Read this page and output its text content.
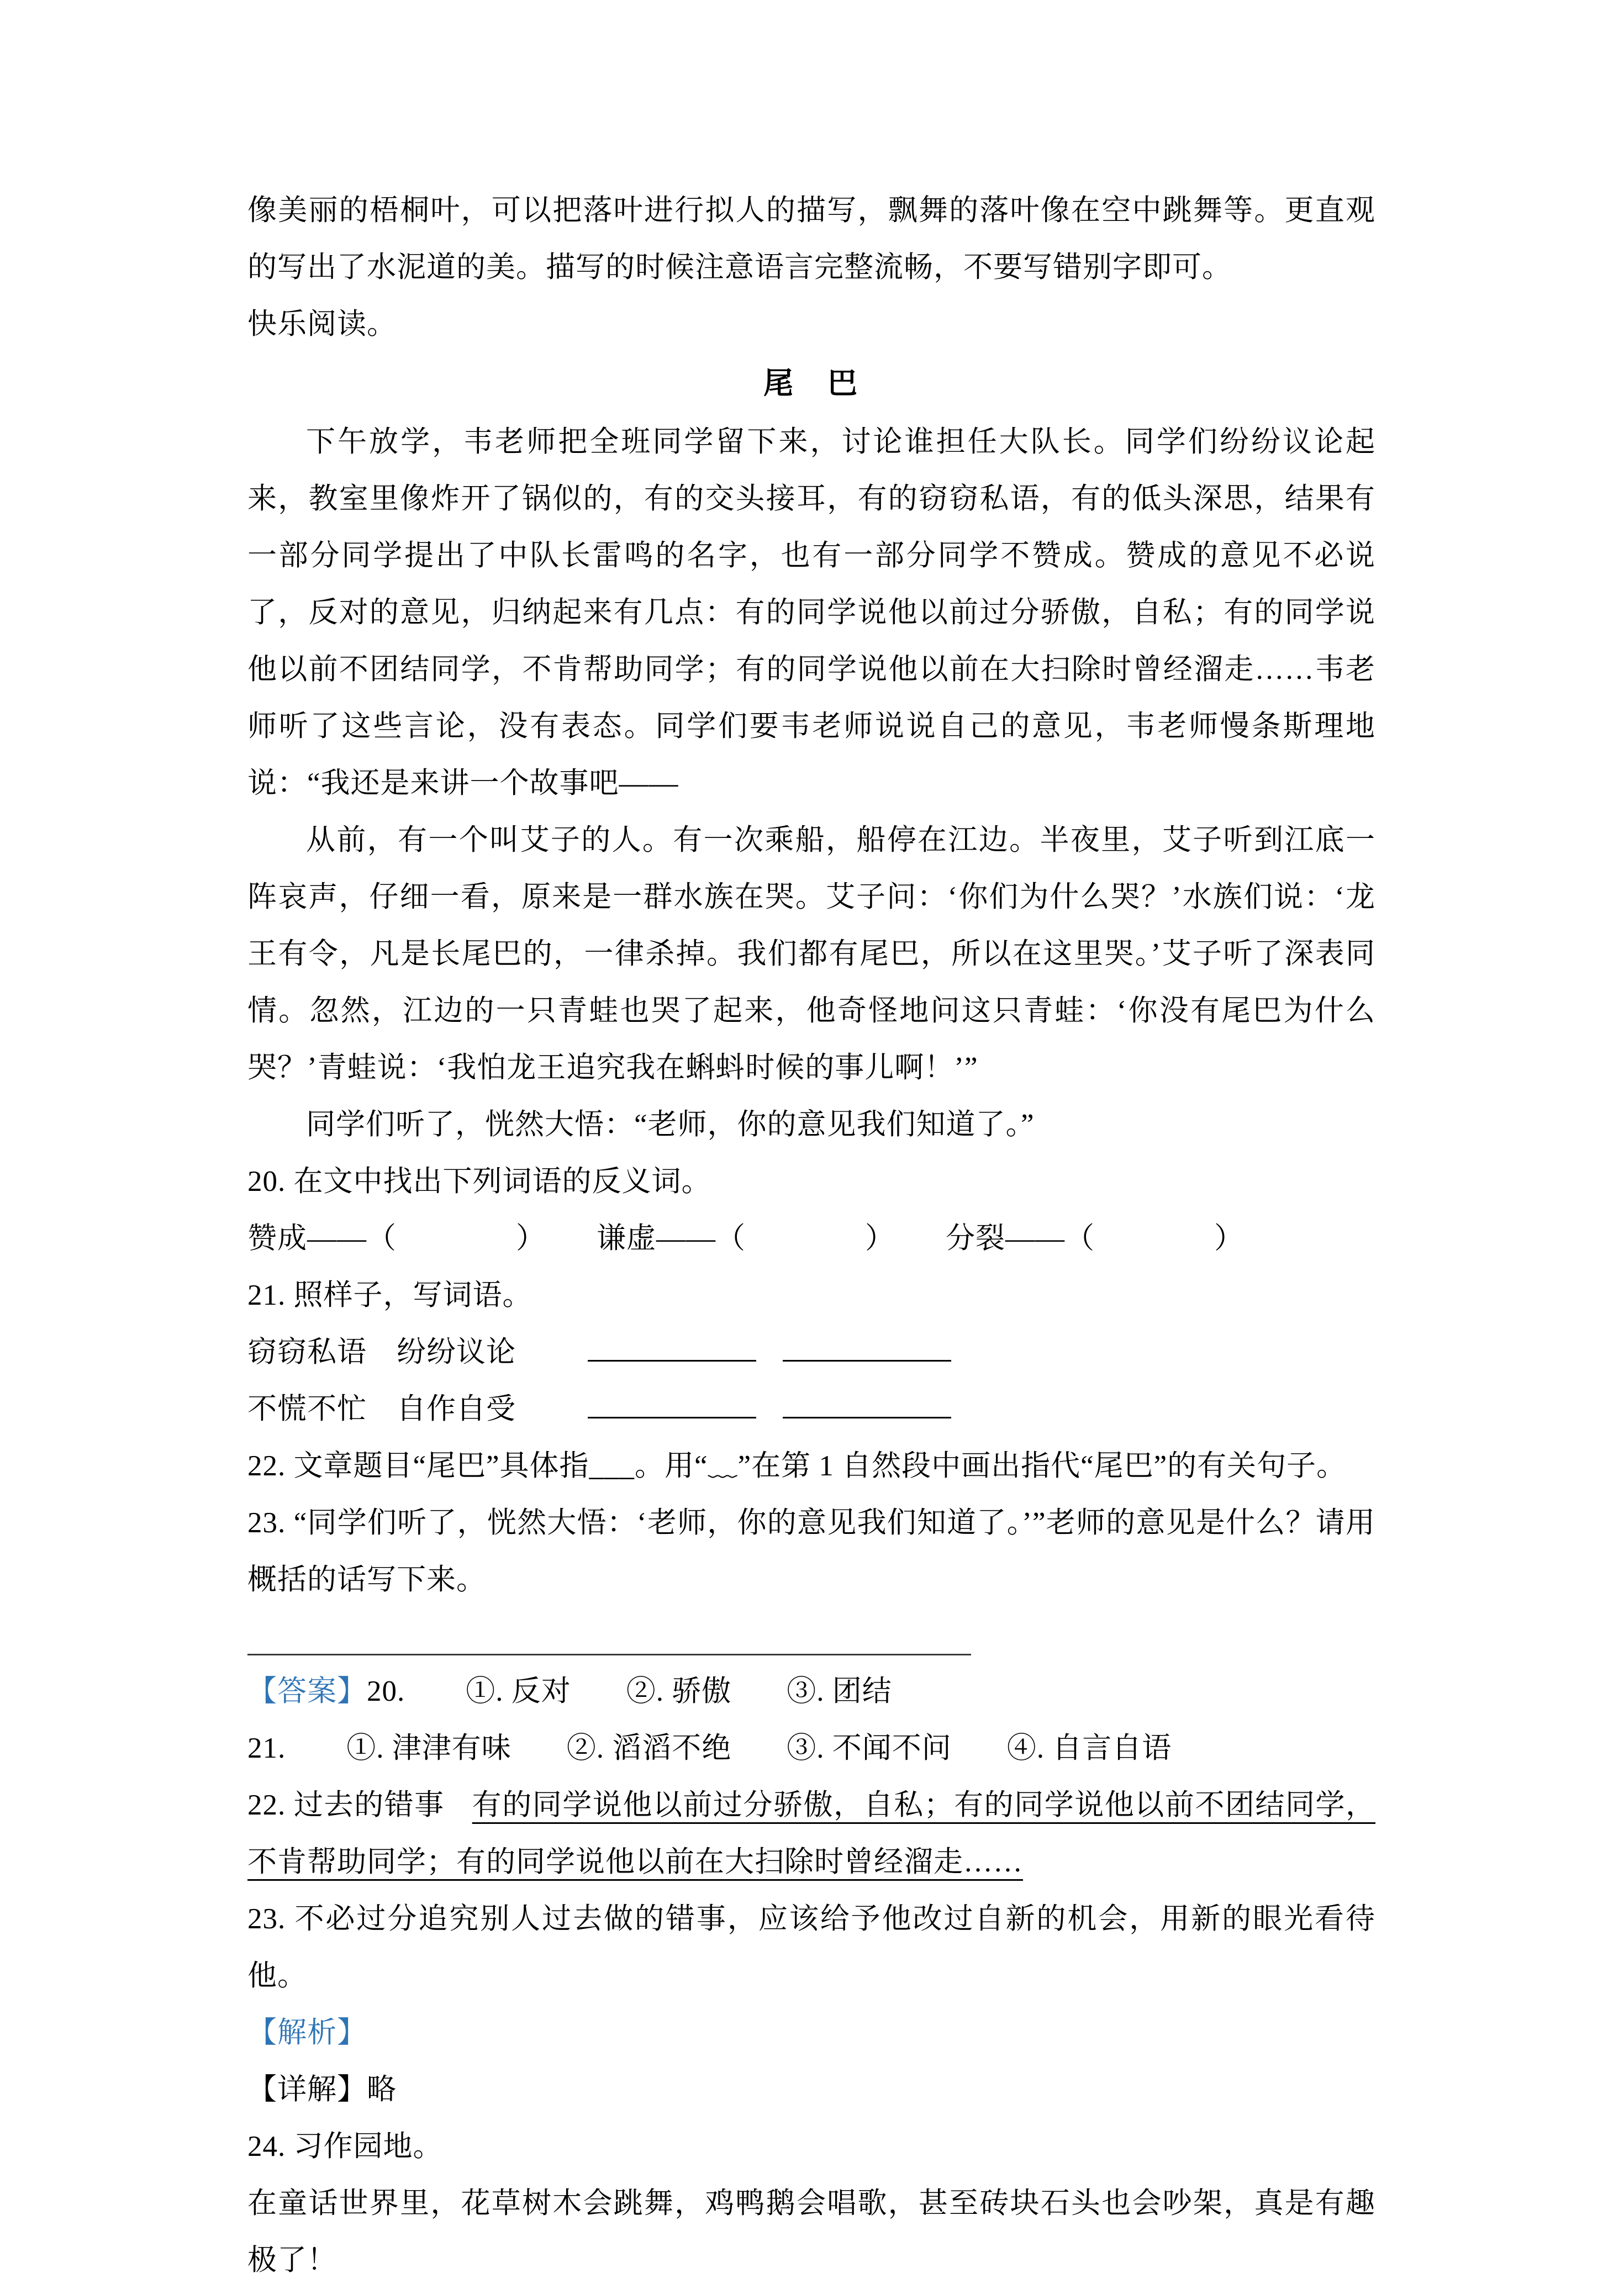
像美丽的梧桐叶，可以把落叶进行拟人的描写，飘舞的落叶像在空中跳舞等。更直观的写出了水泥道的美。描写的时候注意语言完整流畅，不要写错别字即可。

快乐阅读。

尾　巴

下午放学，韦老师把全班同学留下来，讨论谁担任大队长。同学们纷纷议论起来，教室里像炸开了锅似的，有的交头接耳，有的窃窃私语，有的低头深思，结果有一部分同学提出了中队长雷鸣的名字，也有一部分同学不赞成。赞成的意见不必说了，反对的意见，归纳起来有几点：有的同学说他以前过分骄傲，自私；有的同学说他以前不团结同学，不肯帮助同学；有的同学说他以前在大扫除时曾经溜走……韦老师听了这些言论，没有表态。同学们要韦老师说说自己的意见，韦老师慢条斯理地说：“我还是来讲一个故事吧——

从前，有一个叫艾子的人。有一次乘船，船停在江边。半夜里，艾子听到江底一阵哀声，仔细一看，原来是一群水族在哭。艾子问：‘你们为什么哭？’水族们说：‘龙王有令，凡是长尾巴的，一律杀掉。我们都有尾巴，所以在这里哭。’艾子听了深表同情。忽然，江边的一只青蛙也哭了起来，他奇怪地问这只青蛙：‘你没有尾巴为什么哭？’青蛙说：‘我怕龙王追究我在蝌蚪时候的事儿啊！’”

同学们听了，恍然大悟：“老师，你的意见我们知道了。”

20. 在文中找出下列词语的反义词。

赞成——（　　　　） 谦虚——（　　　　） 分裂——（　　　　）

21. 照样子，写词语。

窃窃私语　纷纷议论

不慌不忙　自作自受

22. 文章题目“尾巴”具体指___。用“﹏”在第 1 自然段中画出指代“尾巴”的有关句子。

23. “同学们听了，恍然大悟：‘老师，你的意见我们知道了。’”老师的意见是什么？请用概括的话写下来。

【答案】20. ①. 反对 ②. 骄傲 ③. 团结

21. ①. 津津有味 ②. 滔滔不绝 ③. 不闻不问 ④. 自言自语

22. 过去的错事 有的同学说他以前过分骄傲，自私；有的同学说他以前不团结同学，不肯帮助同学；有的同学说他以前在大扫除时曾经溜走……

23. 不必过分追究别人过去做的错事，应该给予他改过自新的机会，用新的眼光看待他。

【解析】

【详解】略

24. 习作园地。

在童话世界里，花草树木会跳舞，鸡鸭鹅会唱歌，甚至砖块石头也会吵架，真是有趣极了！
